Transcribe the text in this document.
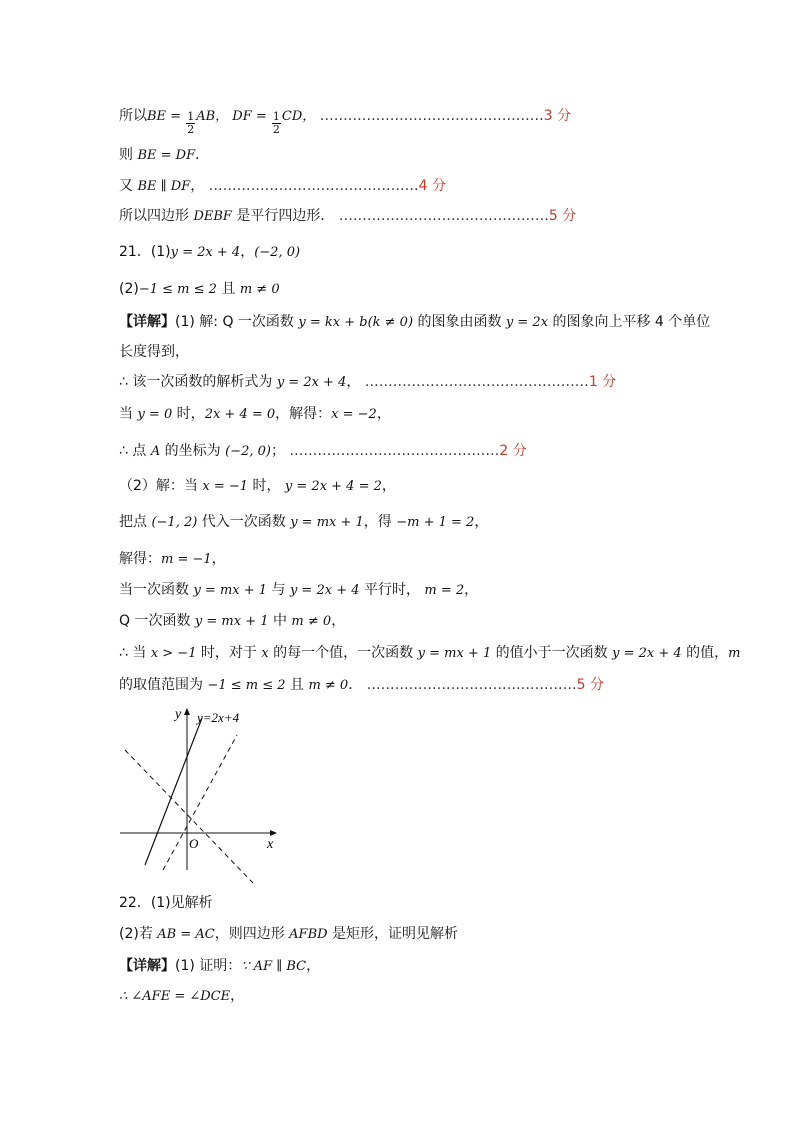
所以BE = $\frac{1}{2}$ AB， DF = $\frac{1}{2}$ CD， …………………………………………3 分
则 BE = DF．
又 BE ∥ DF， ………………………………………4 分
所以四边形 DEBF 是平行四边形． ………………………………………5 分
21．(1)y = 2x + 4，(−2, 0)
(2)−1 ≤ m ≤ 2 且 m ≠ 0
【详解】(1) 解: Q 一次函数 y = kx + b(k ≠ 0) 的图象由函数 y = 2x 的图象向上平移 4 个单位
长度得到，
∴ 该一次函数的解析式为 y = 2x + 4， …………………………………………1 分
当 y = 0 时，2x + 4 = 0，解得：x = −2，
∴ 点 A 的坐标为 (−2, 0)； ………………………………………2 分
（2）解：当 x = −1 时， y = 2x + 4 = 2，
把点 (−1, 2) 代入一次函数 y = mx + 1，得 −m + 1 = 2，
解得：m = −1，
当一次函数 y = mx + 1 与 y = 2x + 4 平行时， m = 2，
Q 一次函数 y = mx + 1 中 m ≠ 0，
∴ 当 x > −1 时，对于 x 的每一个值，一次函数 y = mx + 1 的值小于一次函数 y = 2x + 4 的值，m
的取值范围为 −1 ≤ m ≤ 2 且 m ≠ 0． ………………………………………5 分
y
x
O
y=2x+4
22．(1)见解析
(2)若 AB = AC，则四边形 AFBD 是矩形，证明见解析
【详解】(1) 证明：∵ AF ∥ BC，
∴ ∠AFE = ∠DCE，
